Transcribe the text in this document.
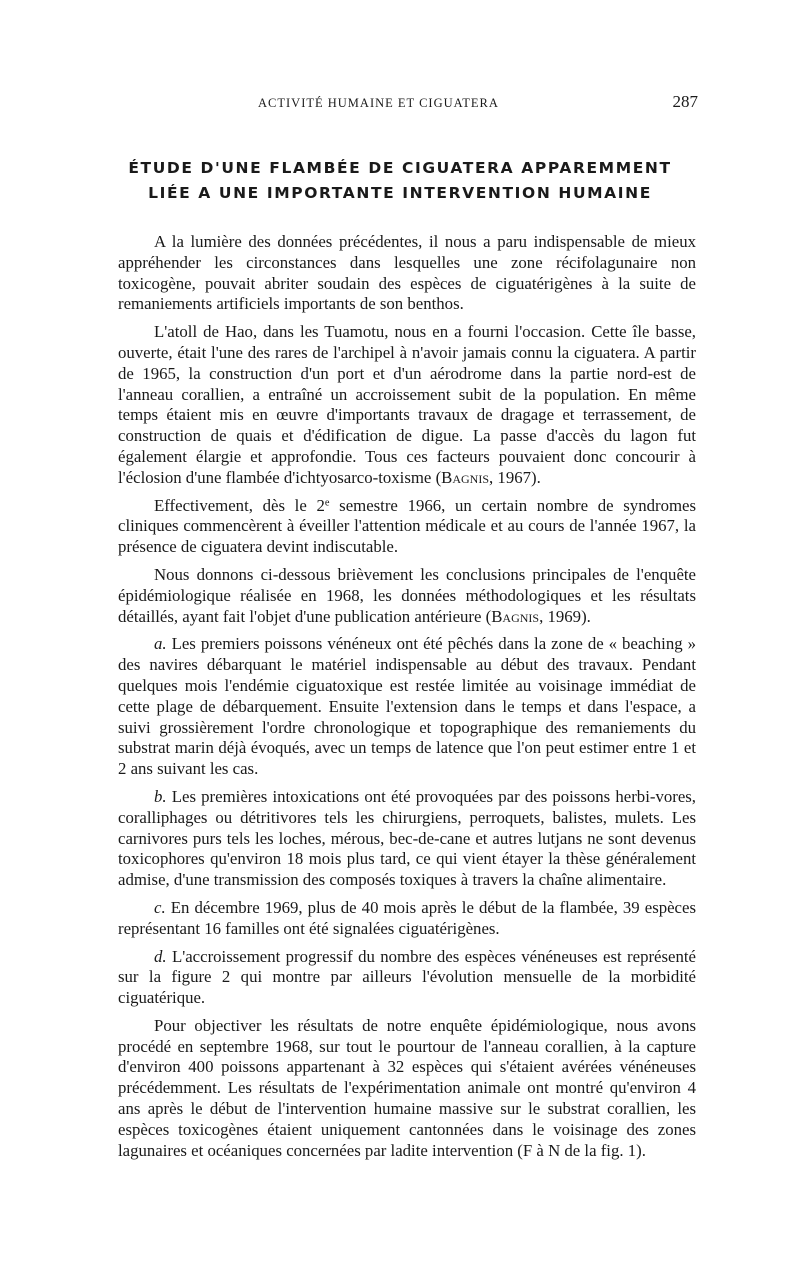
ACTIVITÉ HUMAINE ET CIGUATERA	287
ÉTUDE D'UNE FLAMBÉE DE CIGUATERA APPAREMMENT
LIÉE A UNE IMPORTANTE INTERVENTION HUMAINE

A la lumière des données précédentes, il nous a paru indispensable de mieux appréhender les circonstances dans lesquelles une zone récifolagunaire non toxicogène, pouvait abriter soudain des espèces de ciguatérigènes à la suite de remaniements artificiels importants de son benthos.

L'atoll de Hao, dans les Tuamotu, nous en a fourni l'occasion. Cette île basse, ouverte, était l'une des rares de l'archipel à n'avoir jamais connu la ciguatera. A partir de 1965, la construction d'un port et d'un aérodrome dans la partie nord-est de l'anneau corallien, a entraîné un accroissement subit de la population. En même temps étaient mis en œuvre d'importants travaux de dragage et terrassement, de construction de quais et d'édification de digue. La passe d'accès du lagon fut également élargie et approfondie. Tous ces facteurs pouvaient donc concourir à l'éclosion d'une flambée d'ichtyosarco-toxisme (Bagnis, 1967).

Effectivement, dès le 2e semestre 1966, un certain nombre de syndromes cliniques commencèrent à éveiller l'attention médicale et au cours de l'année 1967, la présence de ciguatera devint indiscutable.

Nous donnons ci-dessous brièvement les conclusions principales de l'enquête épidémiologique réalisée en 1968, les données méthodologiques et les résultats détaillés, ayant fait l'objet d'une publication antérieure (Bagnis, 1969).

a. Les premiers poissons vénéneux ont été pêchés dans la zone de « beaching » des navires débarquant le matériel indispensable au début des travaux. Pendant quelques mois l'endémie ciguatoxique est restée limitée au voisinage immédiat de cette plage de débarquement. Ensuite l'extension dans le temps et dans l'espace, a suivi grossièrement l'ordre chronologique et topographique des remaniements du substrat marin déjà évoqués, avec un temps de latence que l'on peut estimer entre 1 et 2 ans suivant les cas.

b. Les premières intoxications ont été provoquées par des poissons herbi-vores, coralliphages ou détritivores tels les chirurgiens, perroquets, balistes, mulets. Les carnivores purs tels les loches, mérous, bec-de-cane et autres lutjans ne sont devenus toxicophores qu'environ 18 mois plus tard, ce qui vient étayer la thèse généralement admise, d'une transmission des composés toxiques à travers la chaîne alimentaire.

c. En décembre 1969, plus de 40 mois après le début de la flambée, 39 espèces représentant 16 familles ont été signalées ciguatérigènes.

d. L'accroissement progressif du nombre des espèces vénéneuses est représenté sur la figure 2 qui montre par ailleurs l'évolution mensuelle de la morbidité ciguatérique.

Pour objectiver les résultats de notre enquête épidémiologique, nous avons procédé en septembre 1968, sur tout le pourtour de l'anneau corallien, à la capture d'environ 400 poissons appartenant à 32 espèces qui s'étaient avérées vénéneuses précédemment. Les résultats de l'expérimentation animale ont montré qu'environ 4 ans après le début de l'intervention humaine massive sur le substrat corallien, les espèces toxicogènes étaient uniquement cantonnées dans le voisinage des zones lagunaires et océaniques concernées par ladite intervention (F à N de la fig. 1).
